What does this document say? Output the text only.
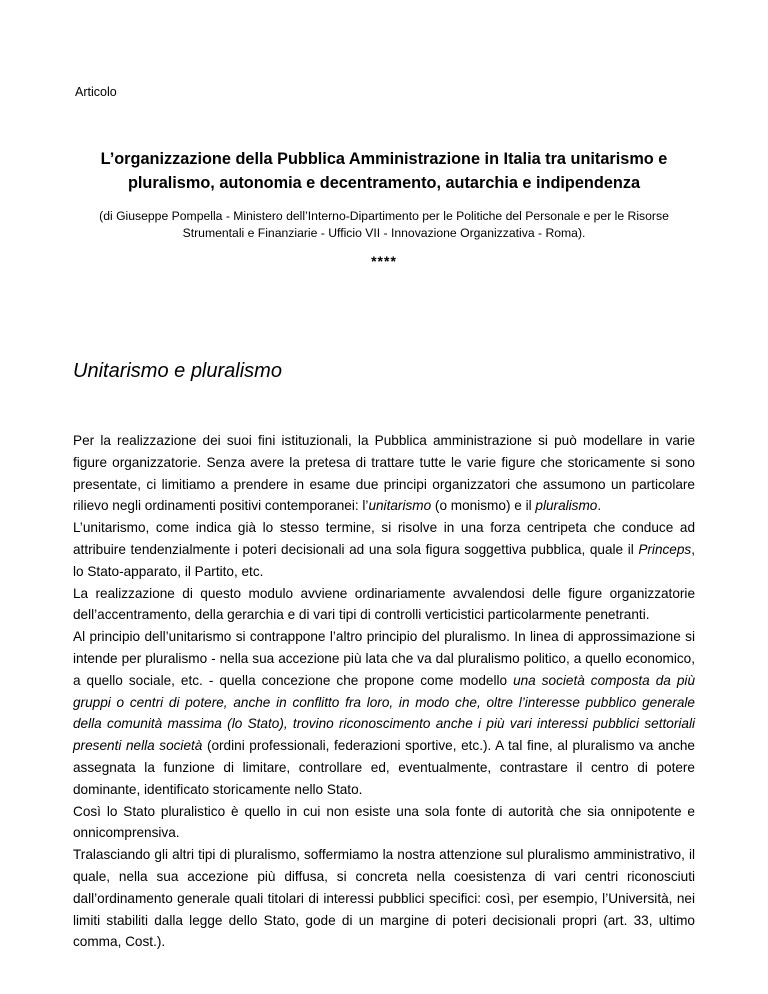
Articolo
L’organizzazione della Pubblica Amministrazione in Italia tra unitarismo e
pluralismo, autonomia e decentramento, autarchia e indipendenza
(di Giuseppe Pompella - Ministero dell’Interno-Dipartimento per le Politiche del Personale e per le Risorse
Strumentali e Finanziarie - Ufficio VII - Innovazione Organizzativa - Roma).
****
Unitarismo e pluralismo

Per la realizzazione dei suoi fini istituzionali, la Pubblica amministrazione si può modellare in varie figure organizzatorie. Senza avere la pretesa di trattare tutte le varie figure che storicamente si sono presentate, ci limitiamo a prendere in esame due principi organizzatori che assumono un particolare rilievo negli ordinamenti positivi contemporanei: l’unitarismo (o monismo) e il pluralismo.

L’unitarismo, come indica già lo stesso termine, si risolve in una forza centripeta che conduce ad attribuire tendenzialmente i poteri decisionali ad una sola figura soggettiva pubblica, quale il Princeps, lo Stato-apparato, il Partito, etc.

La realizzazione di questo modulo avviene ordinariamente avvalendosi delle figure organizzatorie dell’accentramento, della gerarchia e di vari tipi di controlli verticistici particolarmente penetranti.

Al principio dell’unitarismo si contrappone l’altro principio del pluralismo. In linea di approssimazione si intende per pluralismo - nella sua accezione più lata che va dal pluralismo politico, a quello economico, a quello sociale, etc. - quella concezione che propone come modello una società composta da più gruppi o centri di potere, anche in conflitto fra loro, in modo che, oltre l’interesse pubblico generale della comunità massima (lo Stato), trovino riconoscimento anche i più vari interessi pubblici settoriali presenti nella società (ordini professionali, federazioni sportive, etc.). A tal fine, al pluralismo va anche assegnata la funzione di limitare, controllare ed, eventualmente, contrastare il centro di potere dominante, identificato storicamente nello Stato.

Così lo Stato pluralistico è quello in cui non esiste una sola fonte di autorità che sia onnipotente e onnicomprensiva.

Tralasciando gli altri tipi di pluralismo, soffermiamo la nostra attenzione sul pluralismo amministrativo, il quale, nella sua accezione più diffusa, si concreta nella coesistenza di vari centri riconosciuti dall’ordinamento generale quali titolari di interessi pubblici specifici: così, per esempio, l’Università, nei limiti stabiliti dalla legge dello Stato, gode di un margine di poteri decisionali propri (art. 33, ultimo comma, Cost.).
